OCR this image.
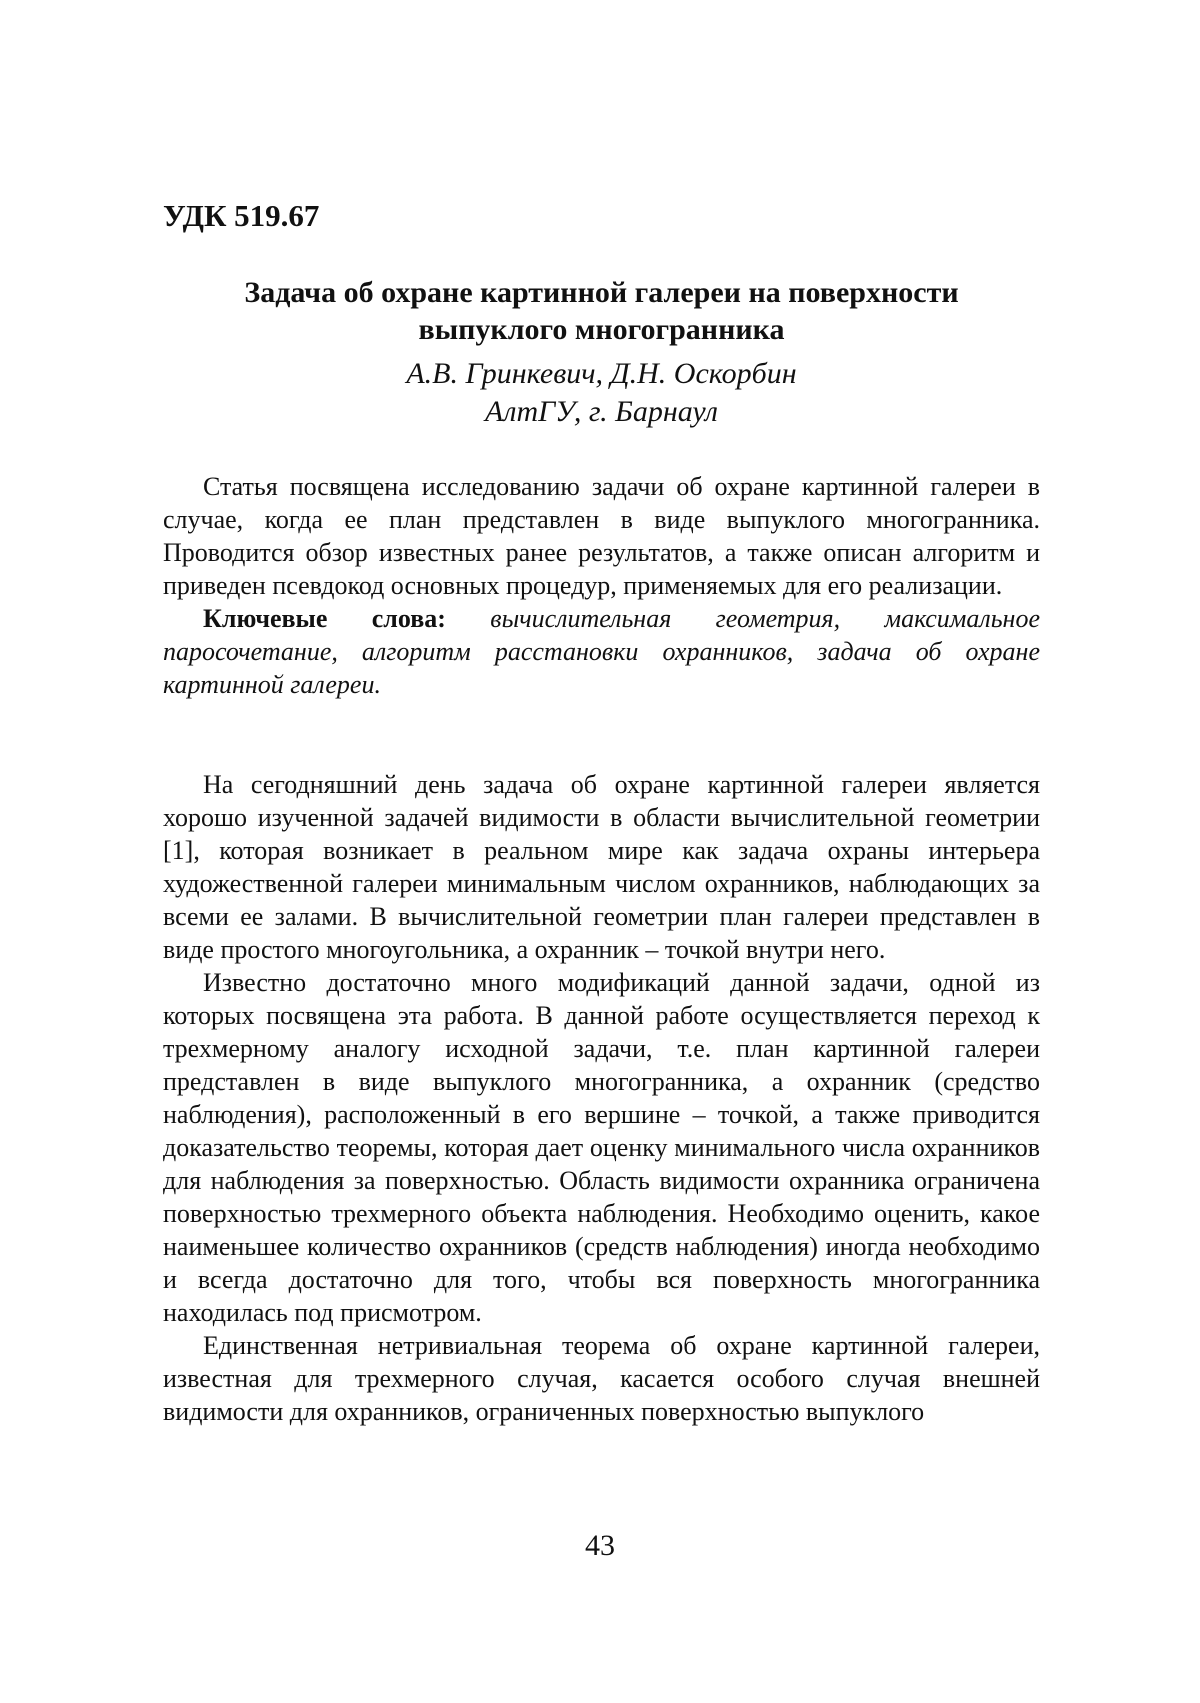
УДК 519.67
Задача об охране картинной галереи на поверхности
выпуклого многогранника

А.В. Гринкевич, Д.Н. Оскорбин

АлтГУ, г. Барнаул

Статья посвящена исследованию задачи об охране картинной галереи в случае, когда ее план представлен в виде выпуклого многогранника. Проводится обзор известных ранее результатов, а также описан алгоритм и приведен псевдокод основных процедур, применяемых для его реализации.

Ключевые слова: вычислительная геометрия, максимальное паросочетание, алгоритм расстановки охранников, задача об охране картинной галереи.

На сегодняшний день задача об охране картинной галереи является хорошо изученной задачей видимости в области вычислительной геометрии [1], которая возникает в реальном мире как задача охраны интерьера художественной галереи минимальным числом охранников, наблюдающих за всеми ее залами. В вычислительной геометрии план галереи представлен в виде простого многоугольника, а охранник – точкой внутри него.

Известно достаточно много модификаций данной задачи, одной из которых посвящена эта работа. В данной работе осуществляется переход к трехмерному аналогу исходной задачи, т.е. план картинной галереи представлен в виде выпуклого многогранника, а охранник (средство наблюдения), расположенный в его вершине – точкой, а также приводится доказательство теоремы, которая дает оценку минимального числа охранников для наблюдения за поверхностью. Область видимости охранника ограничена поверхностью трехмерного объекта наблюдения. Необходимо оценить, какое наименьшее количество охранников (средств наблюдения) иногда необходимо и всегда достаточно для того, чтобы вся поверхность многогранника находилась под присмотром.

Единственная нетривиальная теорема об охране картинной галереи, известная для трехмерного случая, касается особого случая внешней видимости для охранников, ограниченных поверхностью выпуклого

43
